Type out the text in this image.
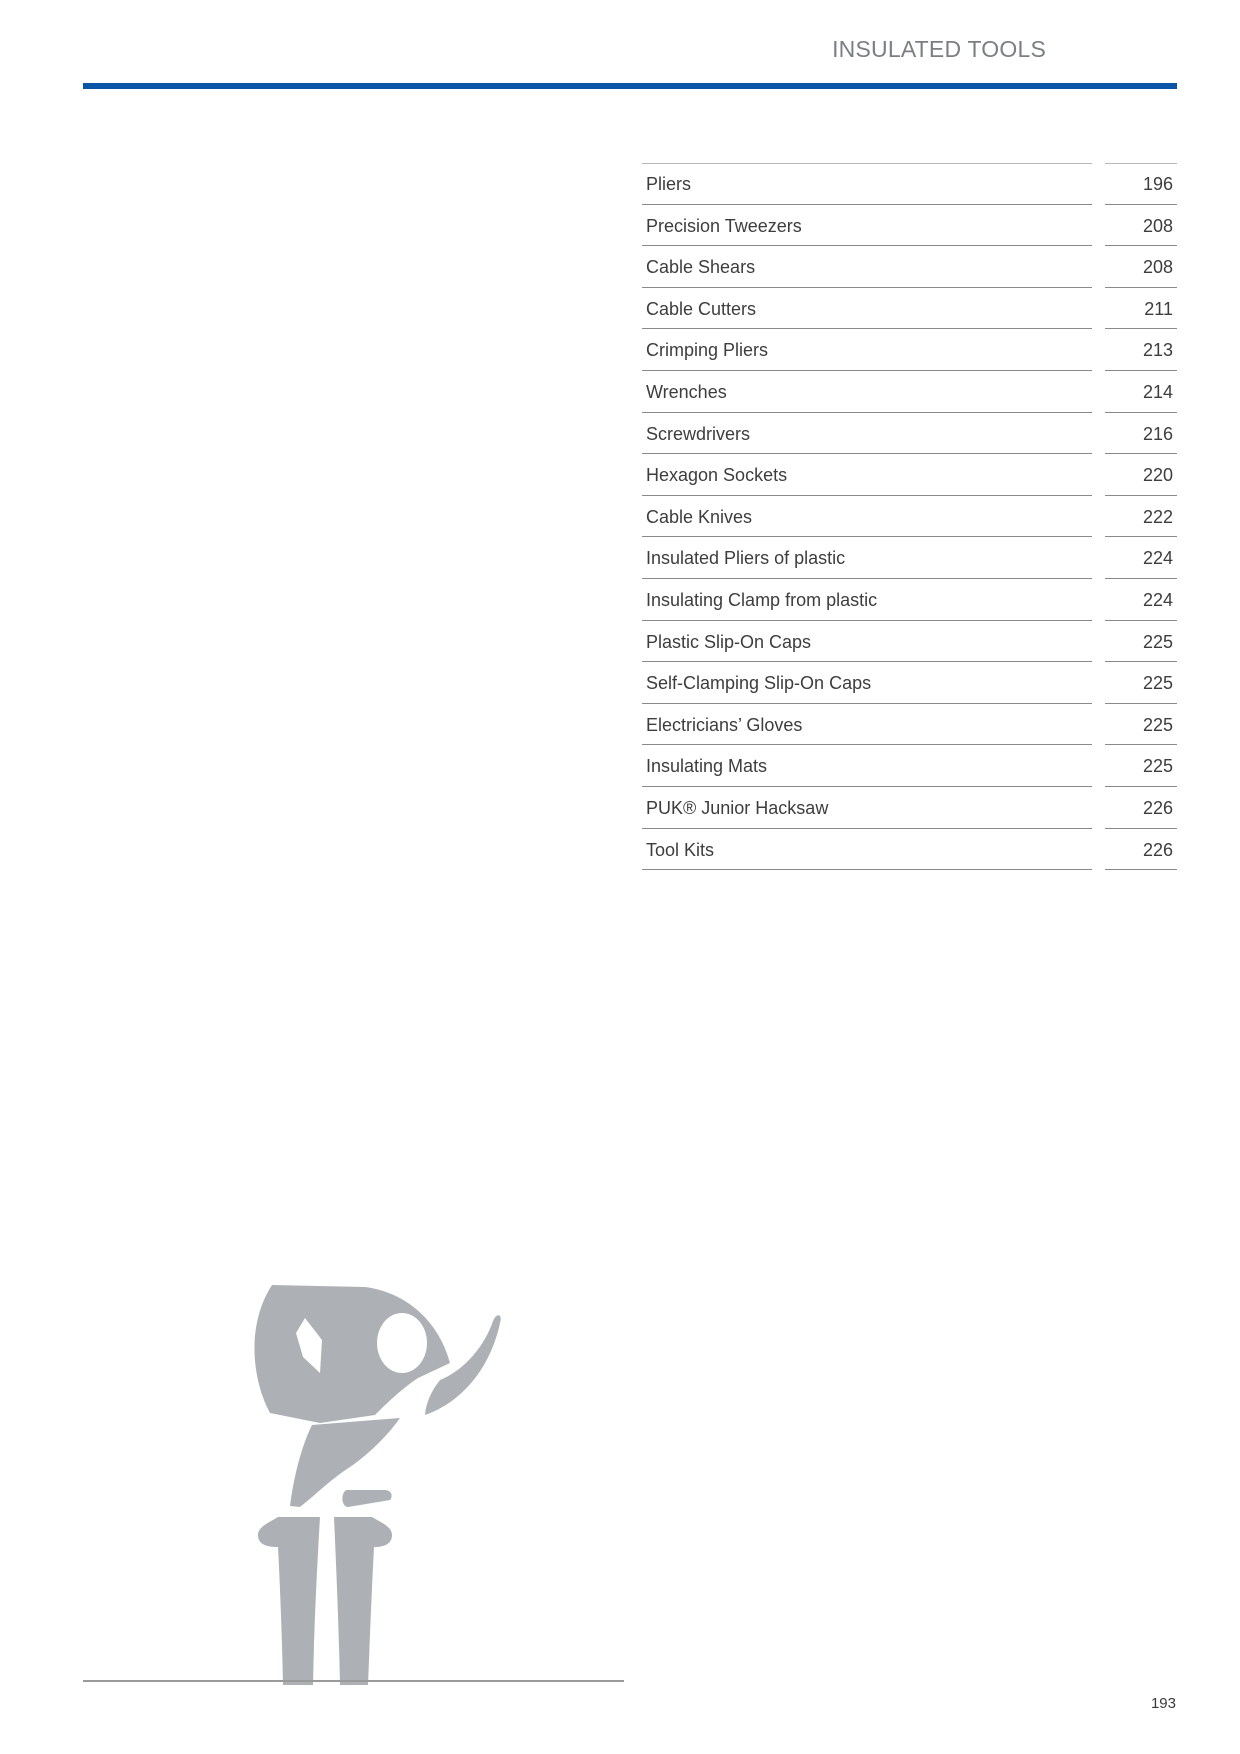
INSULATED TOOLS
Pliers	196
Precision Tweezers	208
Cable Shears	208
Cable Cutters	211
Crimping Pliers	213
Wrenches	214
Screwdrivers	216
Hexagon Sockets	220
Cable Knives	222
Insulated Pliers of plastic	224
Insulating Clamp from plastic	224
Plastic Slip-On Caps	225
Self-Clamping Slip-On Caps	225
Electricians’ Gloves	225
Insulating Mats	225
PUK® Junior Hacksaw	226
Tool Kits	226
193
